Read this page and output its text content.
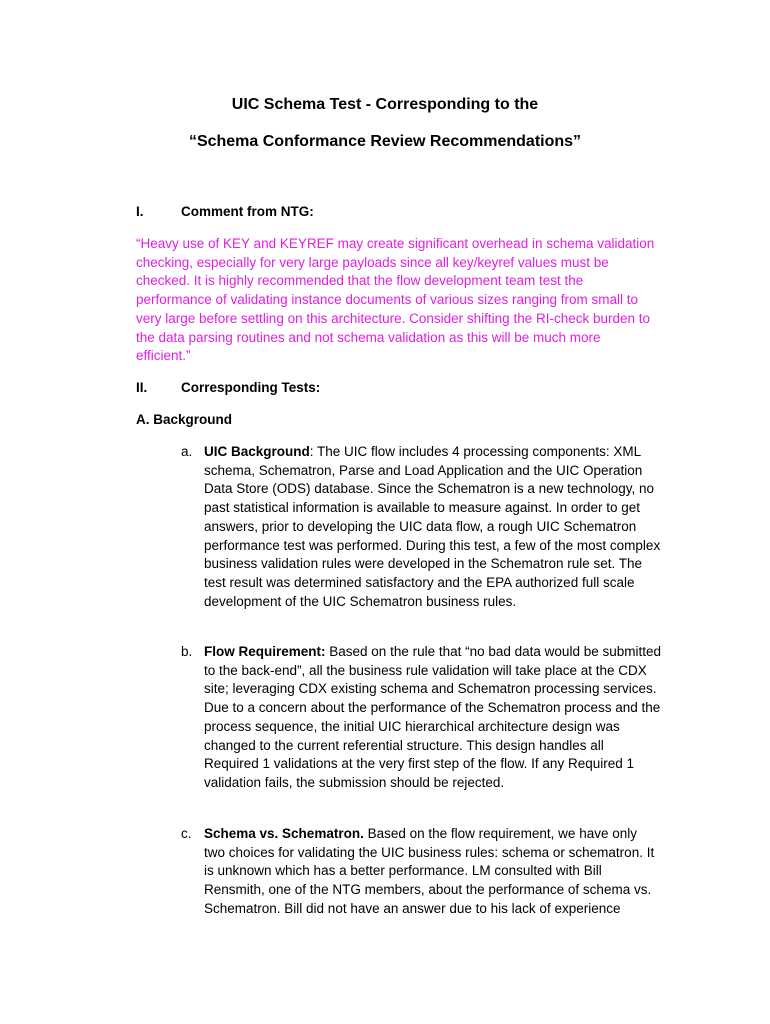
UIC Schema Test - Corresponding to the
“Schema Conformance Review Recommendations”
I.	Comment from NTG:
“Heavy use of KEY and KEYREF may create significant overhead in schema validation checking, especially for very large payloads since all key/keyref values must be checked. It is highly recommended that the flow development team test the performance of validating instance documents of various sizes ranging from small to very large before settling on this architecture. Consider shifting the RI-check burden to the data parsing routines and not schema validation as this will be much more efficient.”
II. Corresponding Tests:
A. Background
a. UIC Background: The UIC flow includes 4 processing components: XML schema, Schematron, Parse and Load Application and the UIC Operation Data Store (ODS) database. Since the Schematron is a new technology, no past statistical information is available to measure against. In order to get answers, prior to developing the UIC data flow, a rough UIC Schematron performance test was performed. During this test, a few of the most complex business validation rules were developed in the Schematron rule set. The test result was determined satisfactory and the EPA authorized full scale development of the UIC Schematron business rules.
b. Flow Requirement: Based on the rule that “no bad data would be submitted to the back-end”, all the business rule validation will take place at the CDX site; leveraging CDX existing schema and Schematron processing services. Due to a concern about the performance of the Schematron process and the process sequence, the initial UIC hierarchical architecture design was changed to the current referential structure. This design handles all Required 1 validations at the very first step of the flow. If any Required 1 validation fails, the submission should be rejected.
c. Schema vs. Schematron. Based on the flow requirement, we have only two choices for validating the UIC business rules: schema or schematron. It is unknown which has a better performance. LM consulted with Bill Rensmith, one of the NTG members, about the performance of schema vs. Schematron. Bill did not have an answer due to his lack of experience
